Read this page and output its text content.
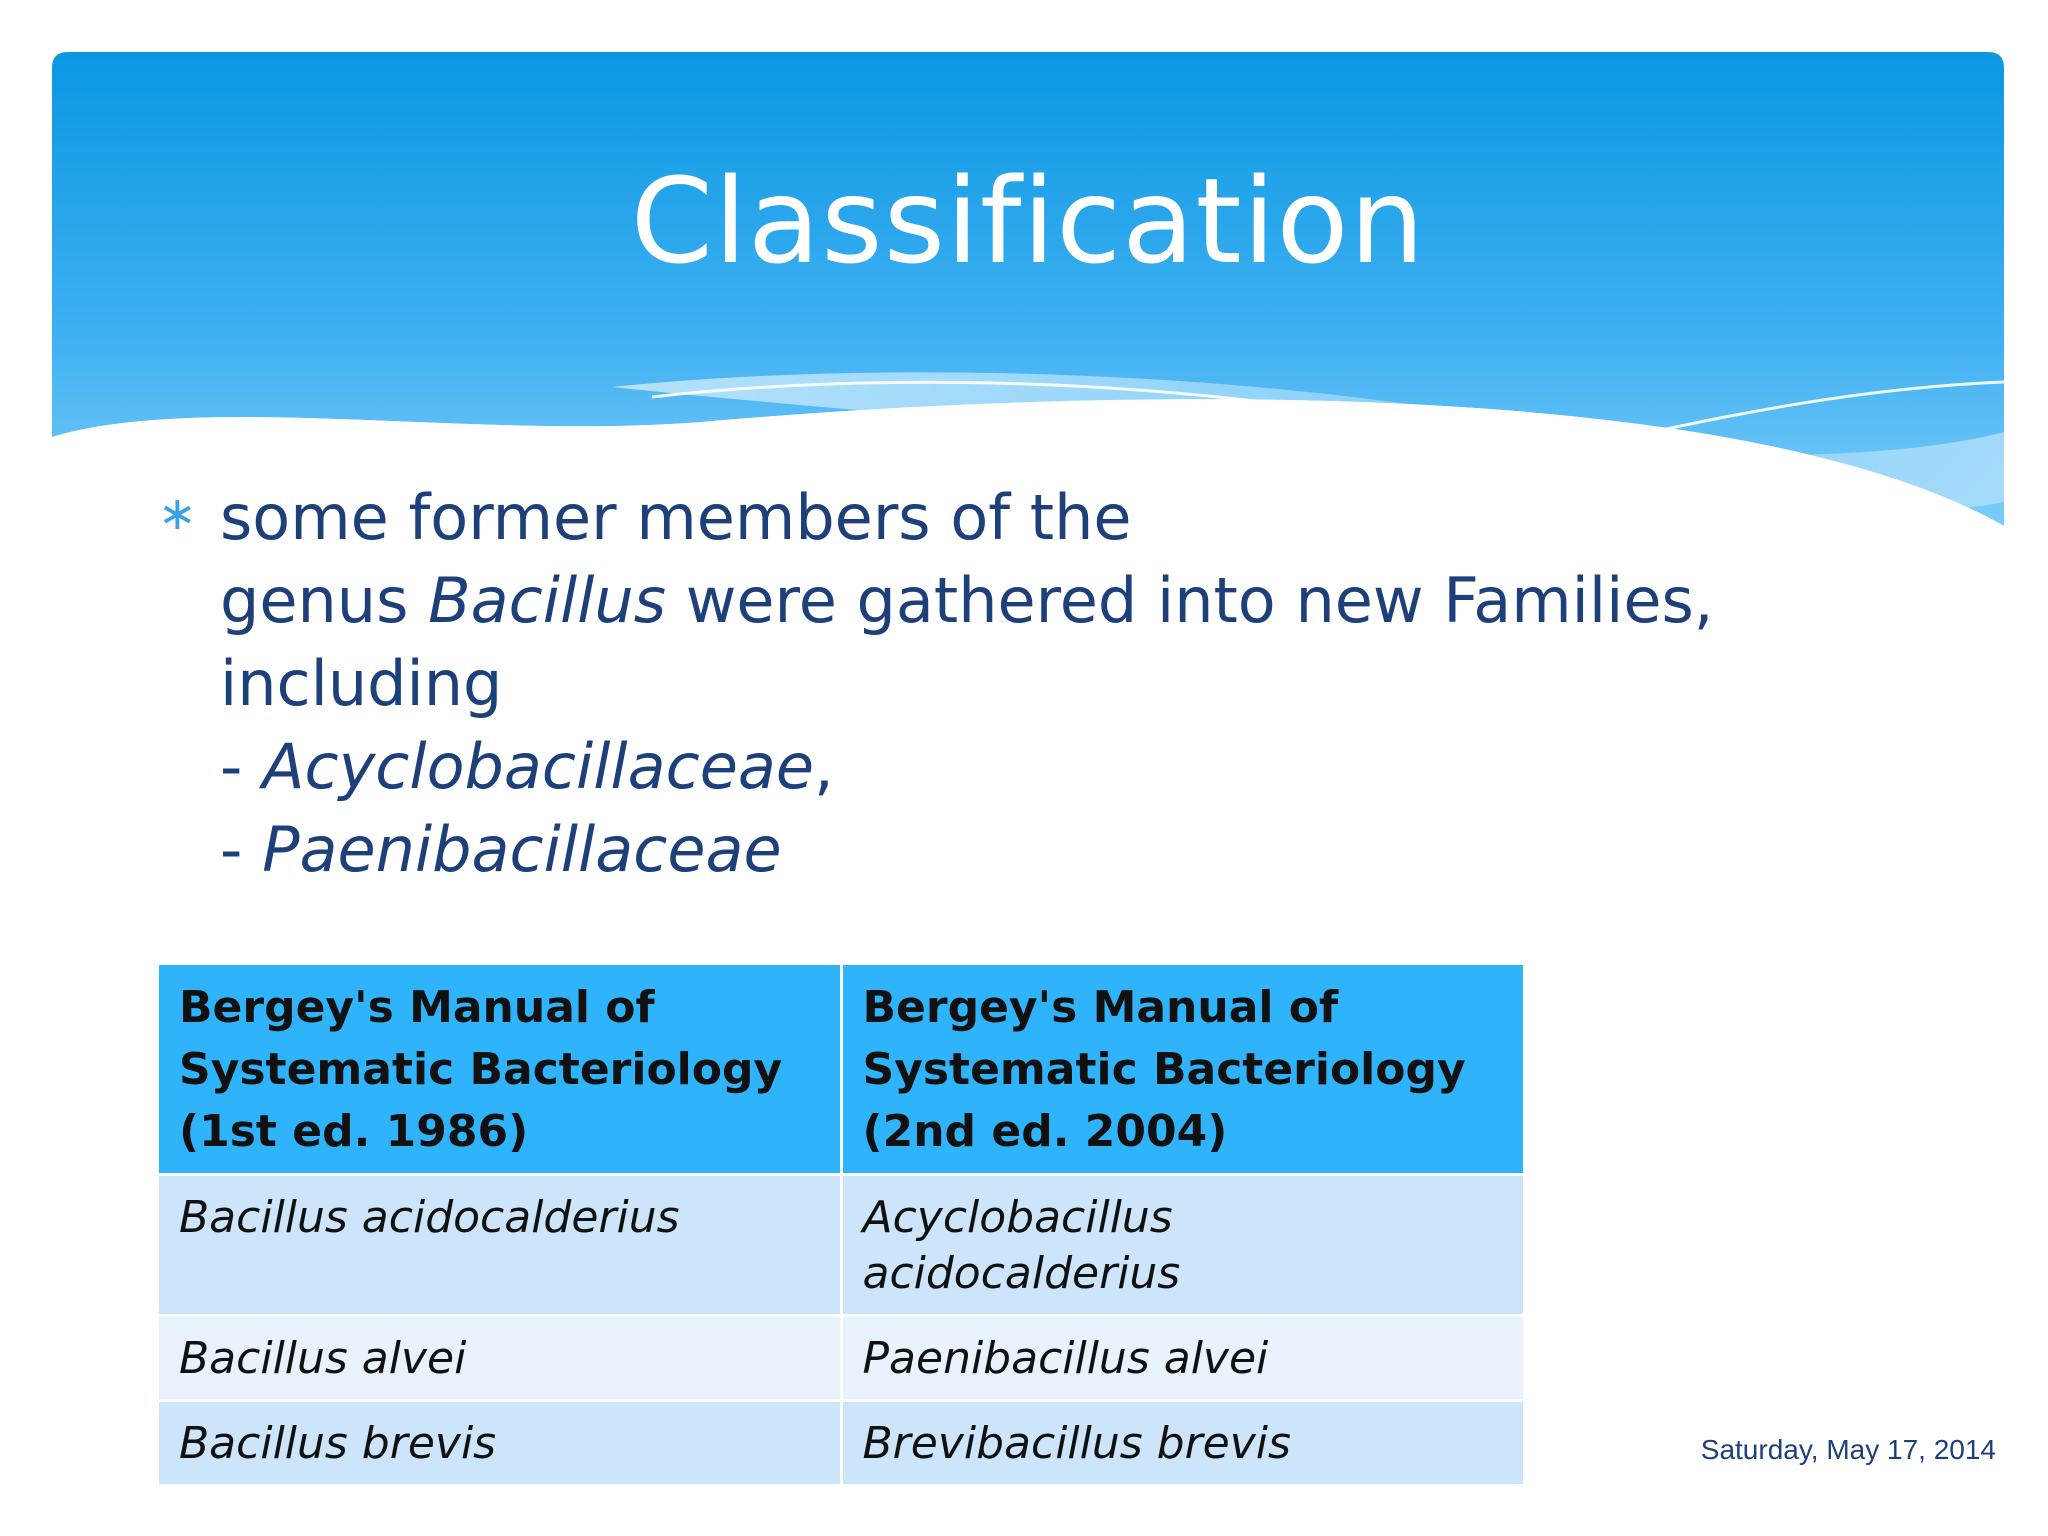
Classification
∗ some former members of the
genus Bacillus were gathered into new Families,
including
- Acyclobacillaceae,
- Paenibacillaceae
Bergey's Manual of Systematic Bacteriology (1st ed. 1986)	Bergey's Manual of Systematic Bacteriology (2nd ed. 2004)
Bacillus acidocalderius	Acyclobacillus acidocalderius
Bacillus alvei	Paenibacillus alvei
Bacillus brevis	Brevibacillus brevis	Saturday, May 17, 2014
